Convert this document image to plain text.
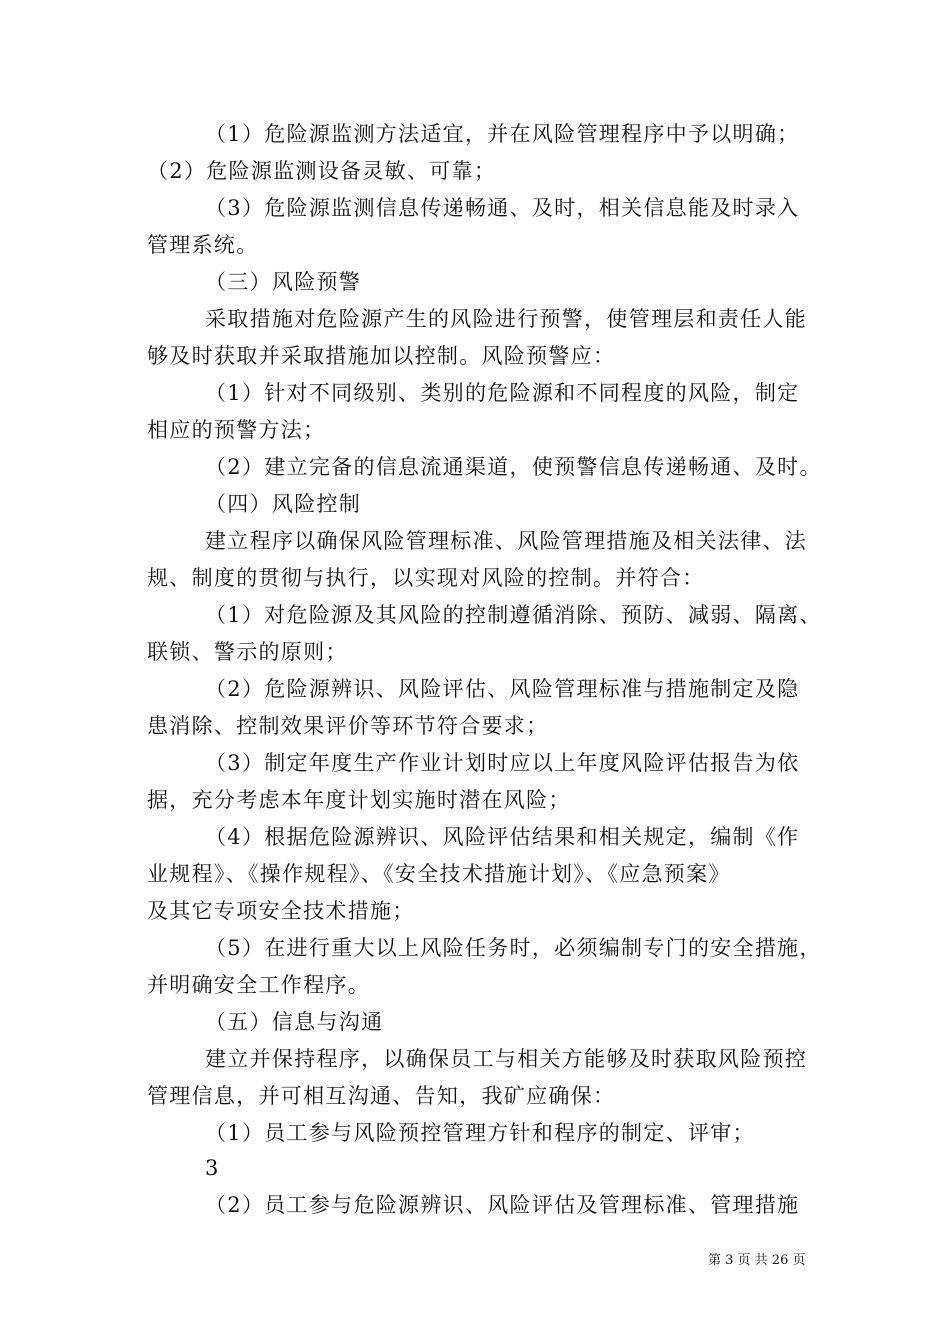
（1）危险源监测方法适宜，并在风险管理程序中予以明确；
（2）危险源监测设备灵敏、可靠；
（3）危险源监测信息传递畅通、及时，相关信息能及时录入
管理系统。
（三）风险预警
采取措施对危险源产生的风险进行预警，使管理层和责任人能
够及时获取并采取措施加以控制。风险预警应：
（1）针对不同级别、类别的危险源和不同程度的风险，制定
相应的预警方法；
（2）建立完备的信息流通渠道，使预警信息传递畅通、及时。
（四）风险控制
建立程序以确保风险管理标准、风险管理措施及相关法律、法
规、制度的贯彻与执行，以实现对风险的控制。并符合：
（1）对危险源及其风险的控制遵循消除、预防、减弱、隔离、
联锁、警示的原则；
（2）危险源辨识、风险评估、风险管理标准与措施制定及隐
患消除、控制效果评价等环节符合要求；
（3）制定年度生产作业计划时应以上年度风险评估报告为依
据，充分考虑本年度计划实施时潜在风险；
（4）根据危险源辨识、风险评估结果和相关规定，编制《作
业规程》、《操作规程》、《安全技术措施计划》、《应急预案》
及其它专项安全技术措施；
（5）在进行重大以上风险任务时，必须编制专门的安全措施，
并明确安全工作程序。
（五）信息与沟通
建立并保持程序，以确保员工与相关方能够及时获取风险预控
管理信息，并可相互沟通、告知，我矿应确保：
（1）员工参与风险预控管理方针和程序的制定、评审；
3
（2）员工参与危险源辨识、风险评估及管理标准、管理措施
第 3 页 共 26 页
